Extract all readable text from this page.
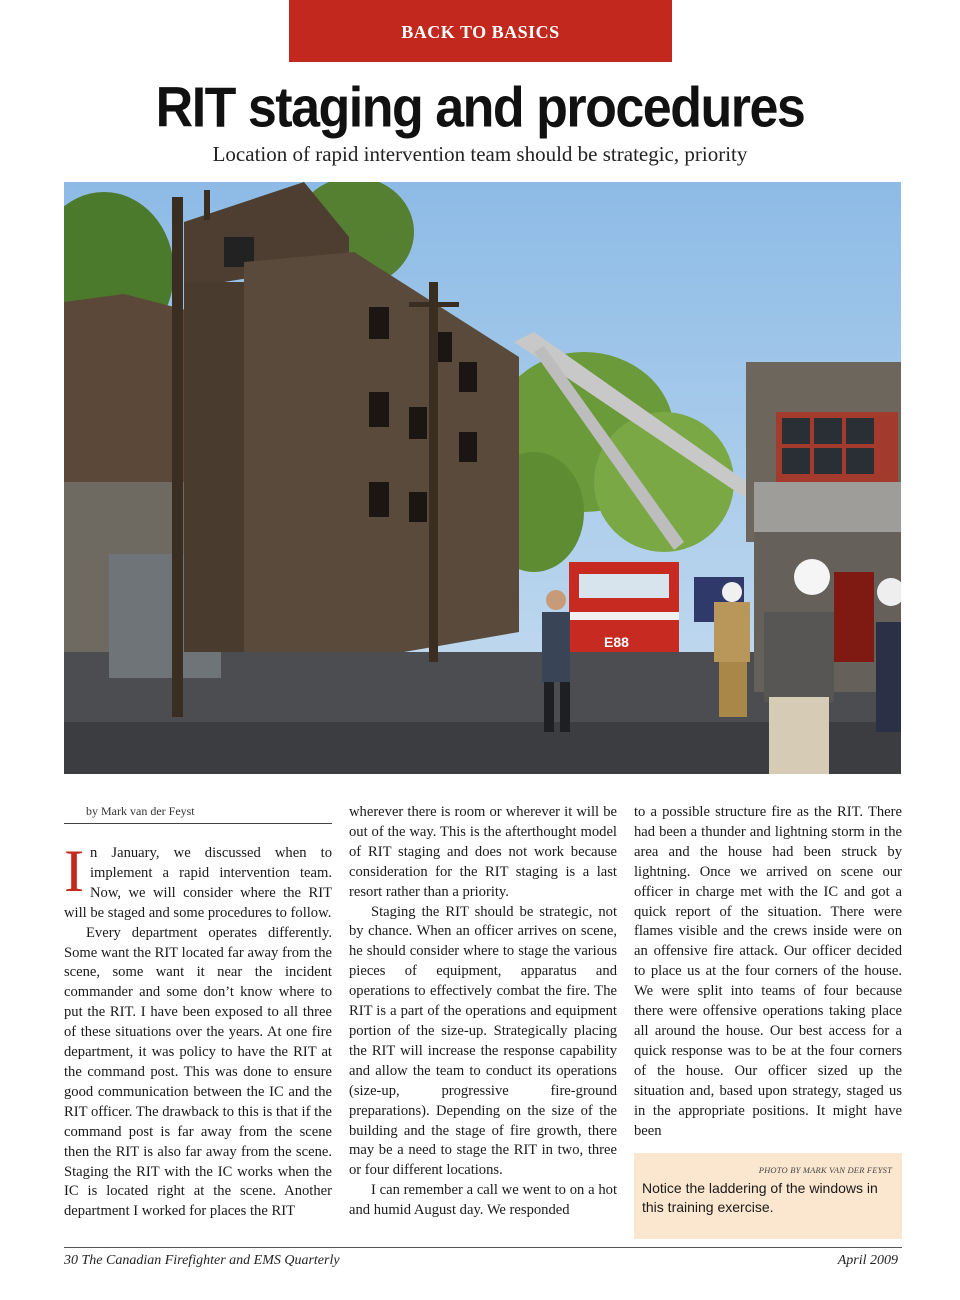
BACK TO BASICS
RIT staging and procedures
Location of rapid intervention team should be strategic, priority
E88

by Mark van der Feyst

In January, we discussed when to implement a rapid intervention team. Now, we will consider where the RIT will be staged and some procedures to follow.

Every department operates differently. Some want the RIT located far away from the scene, some want it near the incident commander and some don’t know where to put the RIT. I have been exposed to all three of these situations over the years. At one fire department, it was policy to have the RIT at the command post. This was done to ensure good communication between the IC and the RIT officer. The drawback to this is that if the command post is far away from the scene then the RIT is also far away from the scene. Staging the RIT with the IC works when the IC is located right at the scene. Another department I worked for places the RIT

wherever there is room or wherever it will be out of the way. This is the afterthought model of RIT staging and does not work because consideration for the RIT staging is a last resort rather than a priority.

Staging the RIT should be strategic, not by chance. When an officer arrives on scene, he should consider where to stage the various pieces of equipment, apparatus and operations to effectively combat the fire. The RIT is a part of the operations and equipment portion of the size-up. Strategically placing the RIT will increase the response capability and allow the team to conduct its operations (size-up, progressive fire-ground preparations). Depending on the size of the building and the stage of fire growth, there may be a need to stage the RIT in two, three or four different locations.

I can remember a call we went to on a hot and humid August day. We responded

to a possible structure fire as the RIT. There had been a thunder and lightning storm in the area and the house had been struck by lightning. Once we arrived on scene our officer in charge met with the IC and got a quick report of the situation. There were flames visible and the crews inside were on an offensive fire attack. Our officer decided to place us at the four corners of the house. We were split into teams of four because there were offensive operations taking place all around the house. Our best access for a quick response was to be at the four corners of the house. Our officer sized up the situation and, based upon strategy, staged us in the appropriate positions. It might have been

PHOTO BY MARK VAN DER FEYST
Notice the laddering of the windows in this training exercise.
30 The Canadian Firefighter and EMS Quarterly	April 2009
